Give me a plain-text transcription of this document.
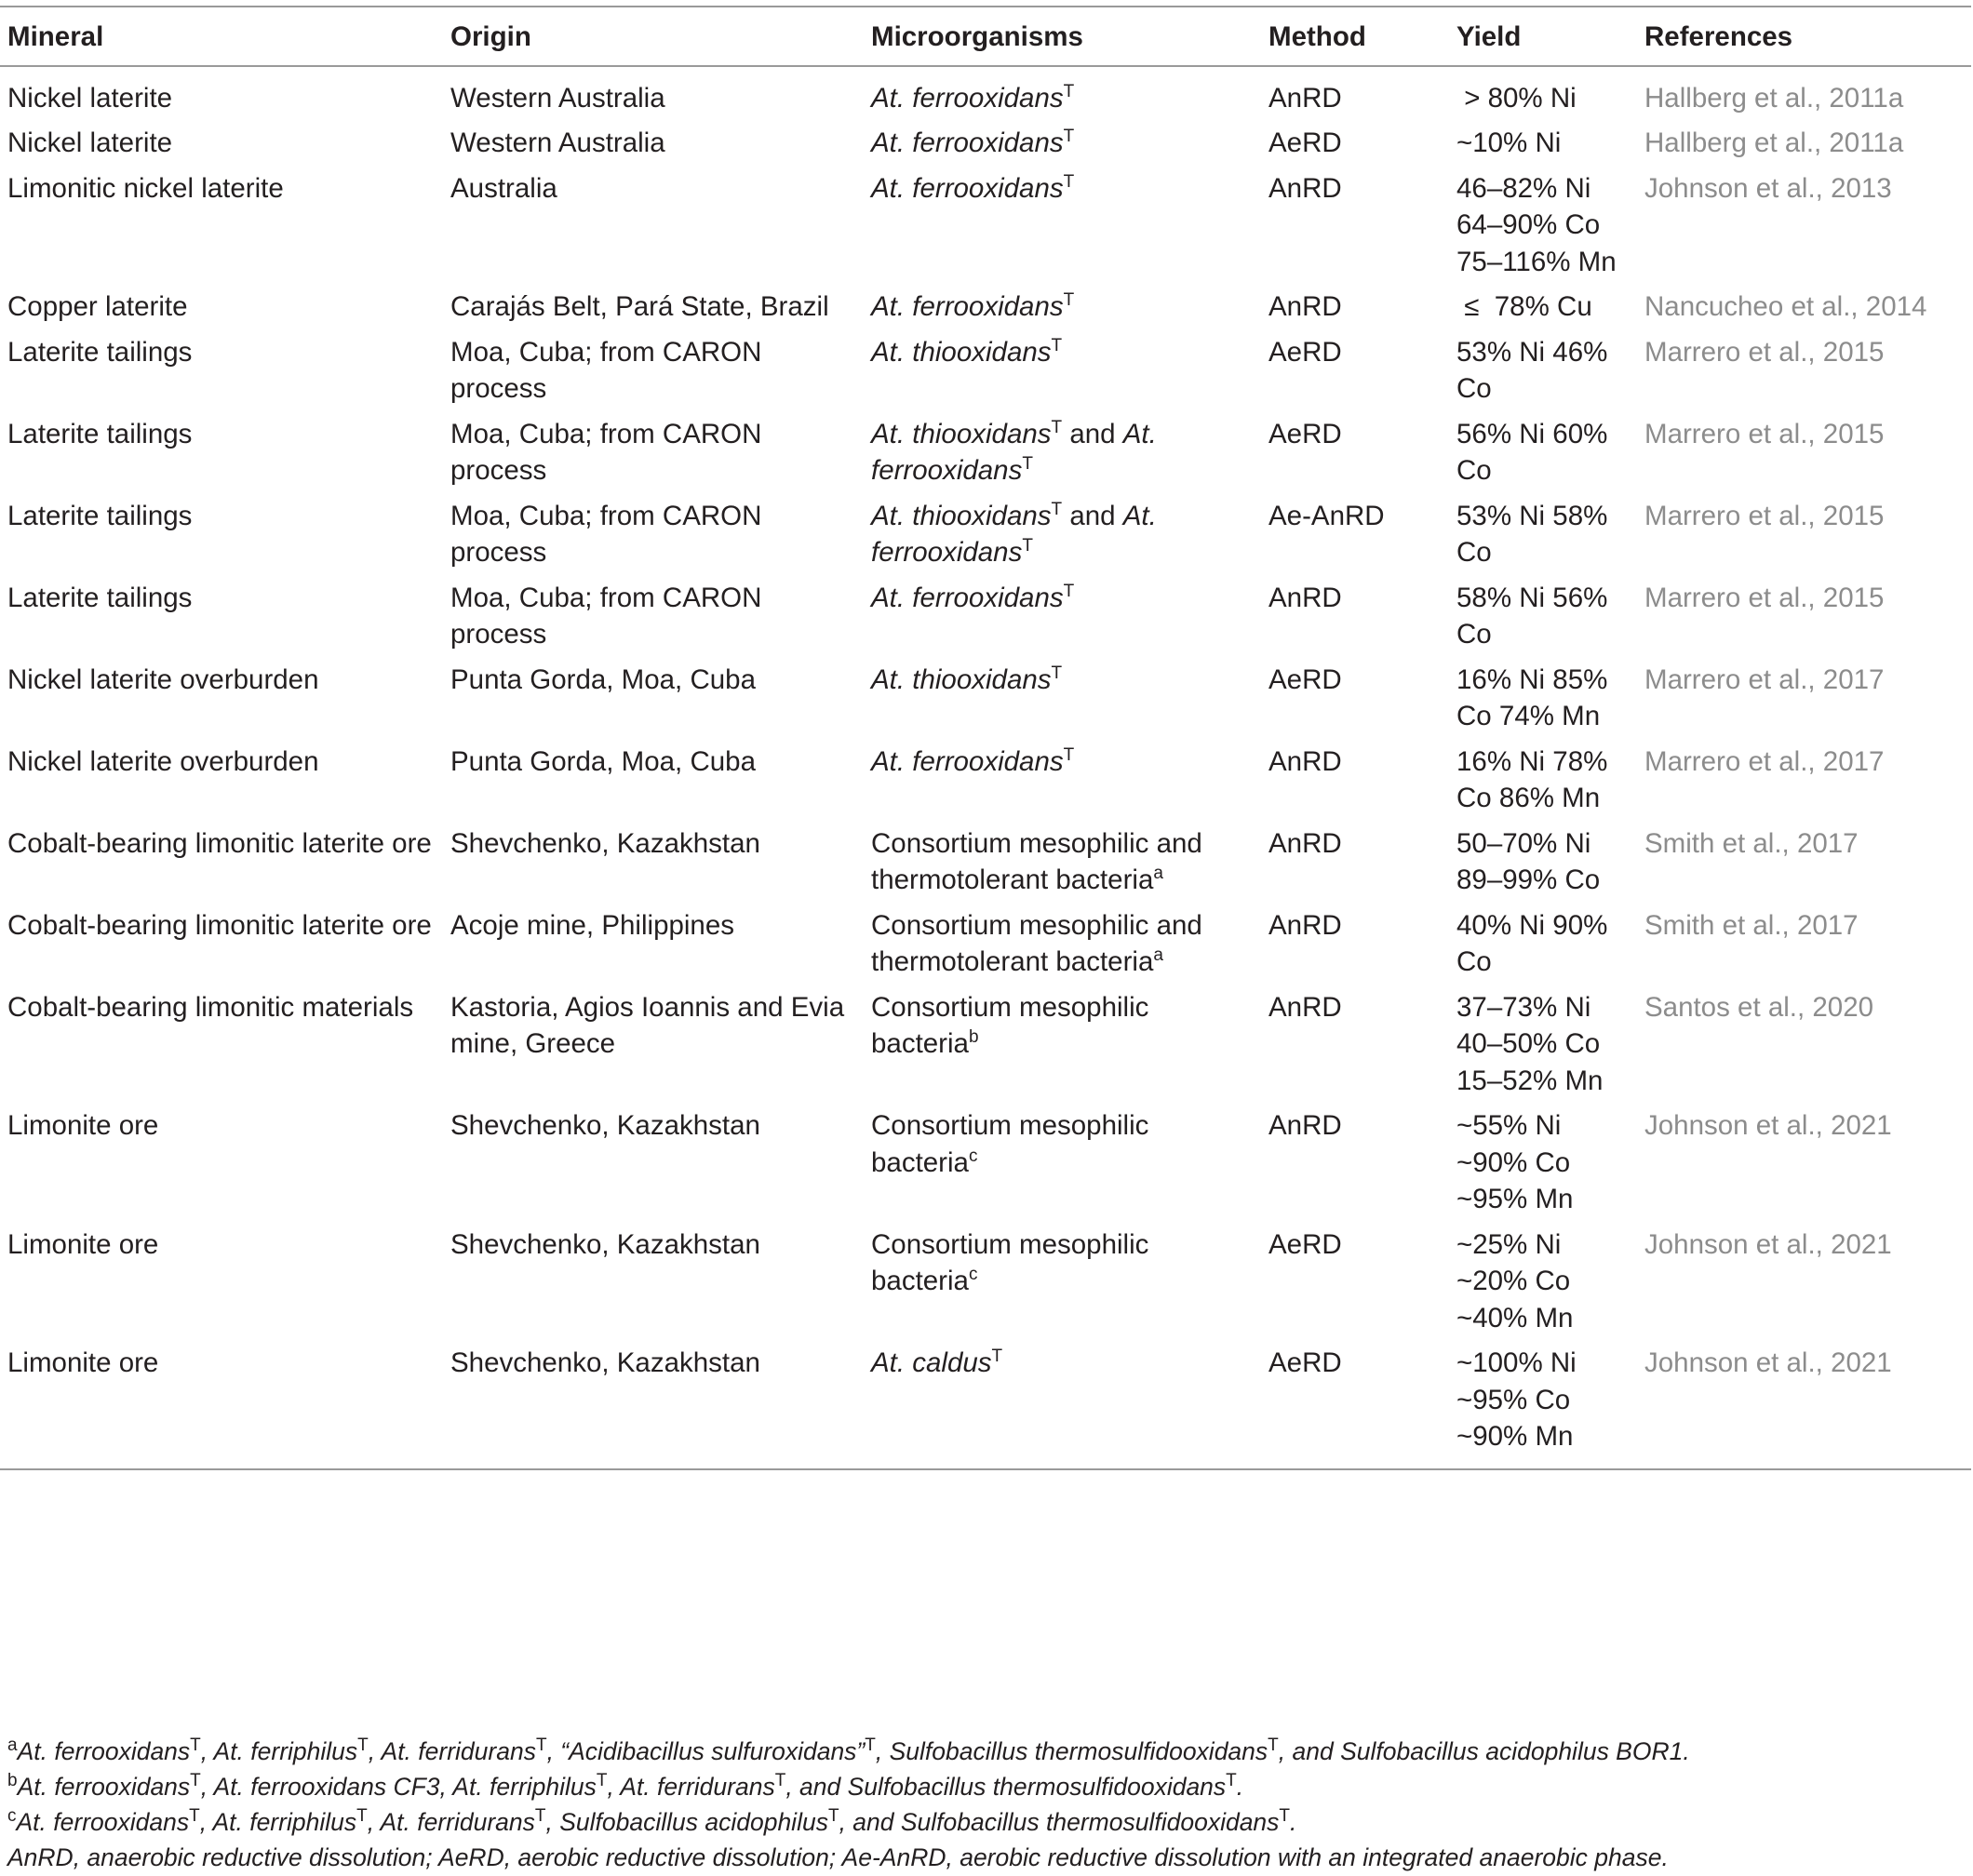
Mineral	Origin	Microorganisms	Method	Yield	References
Nickel laterite	Western Australia	At. ferrooxidans$^T$	AnRD	> 80% Ni	Hallberg et al., 2011a
Nickel laterite	Western Australia	At. ferrooxidans$^T$	AeRD	~10% Ni	Hallberg et al., 2011a
Limonitic nickel laterite	Australia	At. ferrooxidans$^T$	AnRD	46–82% Ni 64–90% Co 75–116% Mn	Johnson et al., 2013
Copper laterite	Carajás Belt, Pará State, Brazil	At. ferrooxidans$^T$	AnRD	≤  78% Cu	Nancucheo et al., 2014
Laterite tailings	Moa, Cuba; from CARON process	At. thiooxidans$^T$	AeRD	53% Ni 46% Co	Marrero et al., 2015
Laterite tailings	Moa, Cuba; from CARON process	At. thiooxidans$^T$ and At. ferrooxidans$^T$	AeRD	56% Ni 60% Co	Marrero et al., 2015
Laterite tailings	Moa, Cuba; from CARON process	At. thiooxidans$^T$ and At. ferrooxidans$^T$	Ae-AnRD	53% Ni 58% Co	Marrero et al., 2015
Laterite tailings	Moa, Cuba; from CARON process	At. ferrooxidans$^T$	AnRD	58% Ni 56% Co	Marrero et al., 2015
Nickel laterite overburden	Punta Gorda, Moa, Cuba	At. thiooxidans$^T$	AeRD	16% Ni 85% Co 74% Mn	Marrero et al., 2017
Nickel laterite overburden	Punta Gorda, Moa, Cuba	At. ferrooxidans$^T$	AnRD	16% Ni 78% Co 86% Mn	Marrero et al., 2017
Cobalt-bearing limonitic laterite ore	Shevchenko, Kazakhstan	Consortium mesophilic and thermotolerant bacteria$^a$	AnRD	50–70% Ni 89–99% Co	Smith et al., 2017
Cobalt-bearing limonitic laterite ore	Acoje mine, Philippines	Consortium mesophilic and thermotolerant bacteria$^a$	AnRD	40% Ni 90% Co	Smith et al., 2017
Cobalt-bearing limonitic materials	Kastoria, Agios Ioannis and Evia mine, Greece	Consortium mesophilic bacteria$^b$	AnRD	37–73% Ni 40–50% Co 15–52% Mn	Santos et al., 2020
Limonite ore	Shevchenko, Kazakhstan	Consortium mesophilic bacteria$^c$	AnRD	~55% Ni ~90% Co ~95% Mn	Johnson et al., 2021
Limonite ore	Shevchenko, Kazakhstan	Consortium mesophilic bacteria$^c$	AeRD	~25% Ni ~20% Co ~40% Mn	Johnson et al., 2021
Limonite ore	Shevchenko, Kazakhstan	At. caldus$^T$	AeRD	~100% Ni ~95% Co ~90% Mn	Johnson et al., 2021
$^a$At. ferrooxidans$^T$, At. ferriphilus$^T$, At. ferridurans$^T$, “Acidibacillus sulfuroxidans”$^T$, Sulfobacillus thermosulfidooxidans$^T$, and Sulfobacillus acidophilus BOR1.
$^b$At. ferrooxidans$^T$, At. ferrooxidans CF3, At. ferriphilus$^T$, At. ferridurans$^T$, and Sulfobacillus thermosulfidooxidans$^T$.
$^c$At. ferrooxidans$^T$, At. ferriphilus$^T$, At. ferridurans$^T$, Sulfobacillus acidophilus$^T$, and Sulfobacillus thermosulfidooxidans$^T$.
AnRD, anaerobic reductive dissolution; AeRD, aerobic reductive dissolution; Ae-AnRD, aerobic reductive dissolution with an integrated anaerobic phase.
